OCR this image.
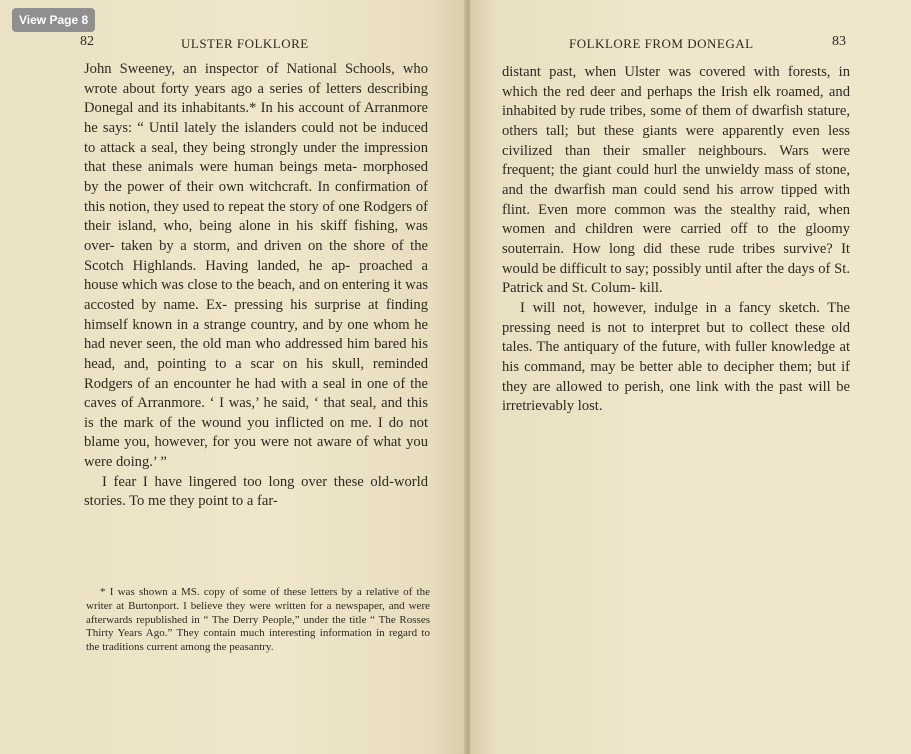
82	ULSTER FOLKLORE

John Sweeney, an inspector of National Schools, who wrote about forty years ago a series of letters describing Donegal and its inhabitants.* In his account of Arranmore he says: “ Until lately the islanders could not be induced to attack a seal, they being strongly under the impression that these animals were human beings meta- morphosed by the power of their own witchcraft. In confirmation of this notion, they used to repeat the story of one Rodgers of their island, who, being alone in his skiff fishing, was over- taken by a storm, and driven on the shore of the Scotch Highlands. Having landed, he ap- proached a house which was close to the beach, and on entering it was accosted by name. Ex- pressing his surprise at finding himself known in a strange country, and by one whom he had never seen, the old man who addressed him bared his head, and, pointing to a scar on his skull, reminded Rodgers of an encounter he had with a seal in one of the caves of Arranmore. ‘ I was,’ he said, ‘ that seal, and this is the mark of the wound you inflicted on me. I do not blame you, however, for you were not aware of what you were doing.’ ”

I fear I have lingered too long over these old-world stories. To me they point to a far-

* I was shown a MS. copy of some of these letters by a relative of the writer at Burtonport. I believe they were written for a newspaper, and were afterwards republished in “ The Derry People,” under the title “ The Rosses Thirty Years Ago.” They contain much interesting information in regard to the traditions current among the peasantry.
FOLKLORE FROM DONEGAL	83

distant past, when Ulster was covered with forests, in which the red deer and perhaps the Irish elk roamed, and inhabited by rude tribes, some of them of dwarfish stature, others tall; but these giants were apparently even less civilized than their smaller neighbours. Wars were frequent; the giant could hurl the unwieldy mass of stone, and the dwarfish man could send his arrow tipped with flint. Even more common was the stealthy raid, when women and children were carried off to the gloomy souterrain. How long did these rude tribes survive? It would be difficult to say; possibly until after the days of St. Patrick and St. Colum- kill.

I will not, however, indulge in a fancy sketch. The pressing need is not to interpret but to collect these old tales. The antiquary of the future, with fuller knowledge at his command, may be better able to decipher them; but if they are allowed to perish, one link with the past will be irretrievably lost.

View Page 8
